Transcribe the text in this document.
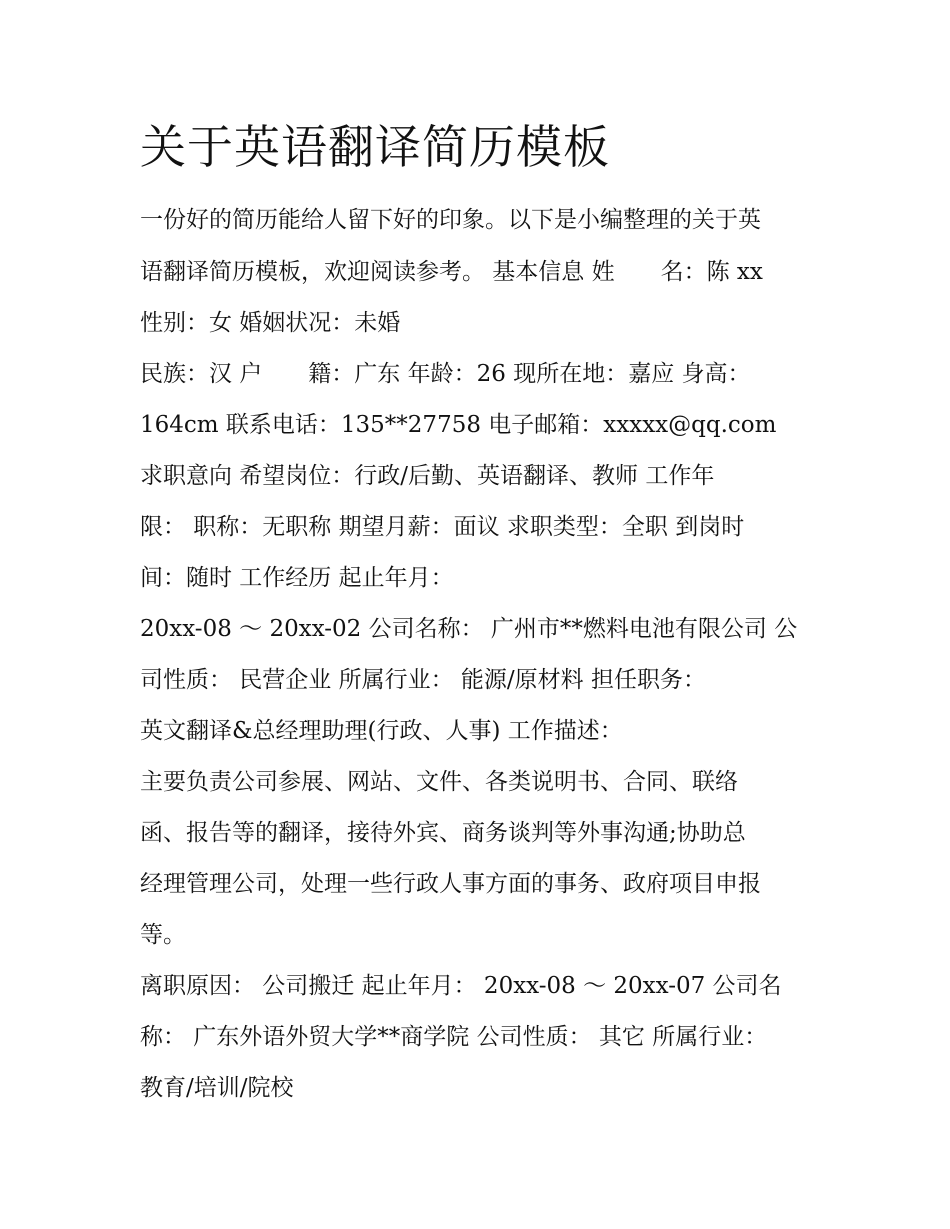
关于英语翻译简历模板

一份好的简历能给人留下好的印象。以下是小编整理的关于英

语翻译简历模板，欢迎阅读参考。 基本信息 姓　　名：陈 xx

性别：女 婚姻状况：未婚

民族：汉 户　　籍：广东 年龄：26 现所在地：嘉应 身高：

164cm 联系电话：135**27758 电子邮箱：xxxxx@qq.com

求职意向 希望岗位：行政/后勤、英语翻译、教师 工作年

限： 职称：无职称 期望月薪：面议 求职类型：全职 到岗时

间：随时 工作经历 起止年月：

20xx-08 ～ 20xx-02 公司名称： 广州市**燃料电池有限公司 公

司性质： 民营企业 所属行业： 能源/原材料 担任职务：

英文翻译&总经理助理(行政、人事) 工作描述：

主要负责公司参展、网站、文件、各类说明书、合同、联络

函、报告等的翻译，接待外宾、商务谈判等外事沟通;协助总

经理管理公司，处理一些行政人事方面的事务、政府项目申报

等。

离职原因： 公司搬迁 起止年月： 20xx-08 ～ 20xx-07 公司名

称： 广东外语外贸大学**商学院 公司性质： 其它 所属行业：

教育/培训/院校
